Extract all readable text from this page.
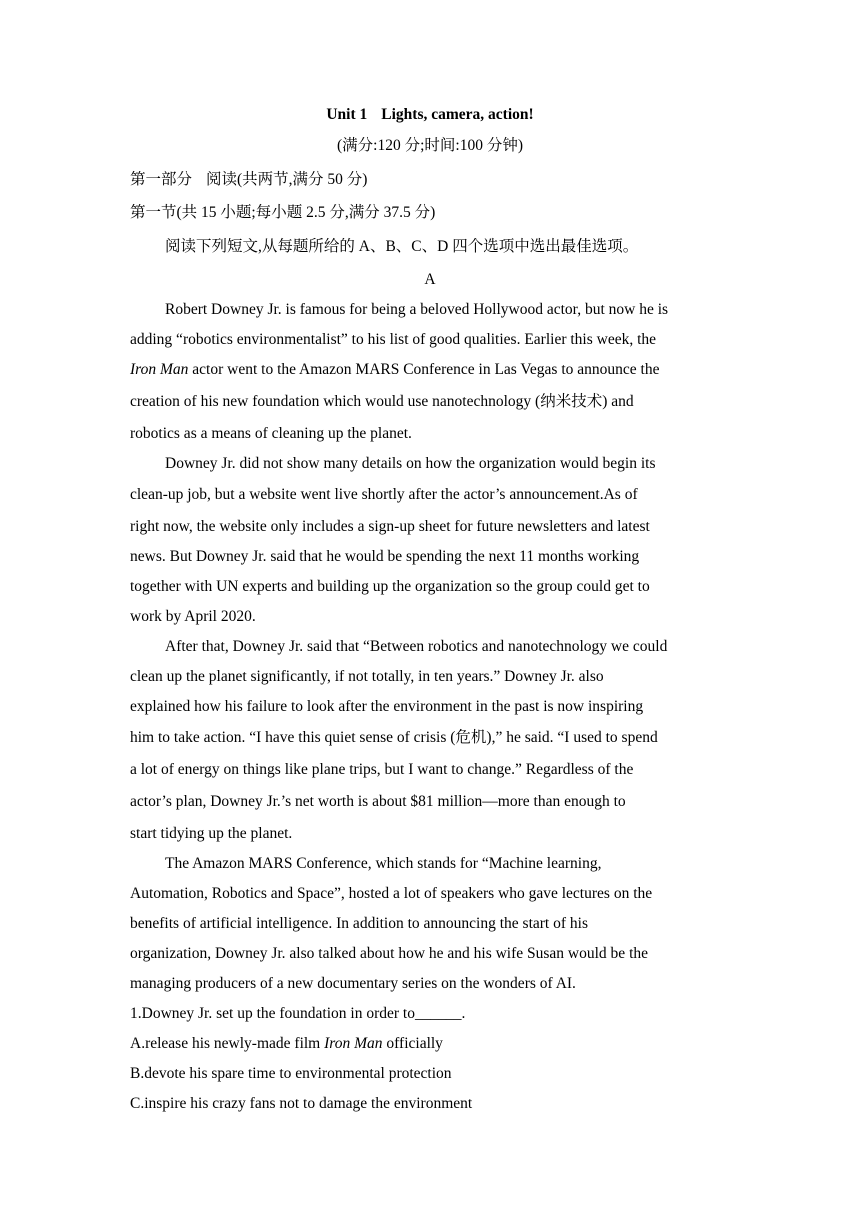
Unit 1 Lights, camera, action!
(满分:120 分;时间:100 分钟)
第一部分 阅读(共两节,满分 50 分)
第一节(共 15 小题;每小题 2.5 分,满分 37.5 分)
阅读下列短文,从每题所给的 A、B、C、D 四个选项中选出最佳选项。
A
Robert Downey Jr. is famous for being a beloved Hollywood actor, but now he is
adding “robotics environmentalist” to his list of good qualities. Earlier this week, the
Iron Man actor went to the Amazon MARS Conference in Las Vegas to announce the
creation of his new foundation which would use nanotechnology (纳米技术) and
robotics as a means of cleaning up the planet.
Downey Jr. did not show many details on how the organization would begin its
clean-up job, but a website went live shortly after the actor’s announcement.As of
right now, the website only includes a sign-up sheet for future newsletters and latest
news. But Downey Jr. said that he would be spending the next 11 months working
together with UN experts and building up the organization so the group could get to
work by April 2020.
After that, Downey Jr. said that “Between robotics and nanotechnology we could
clean up the planet significantly, if not totally, in ten years.” Downey Jr. also
explained how his failure to look after the environment in the past is now inspiring
him to take action. “I have this quiet sense of crisis (危机),” he said. “I used to spend
a lot of energy on things like plane trips, but I want to change.” Regardless of the
actor’s plan, Downey Jr.’s net worth is about $81 million—more than enough to
start tidying up the planet.
The Amazon MARS Conference, which stands for “Machine learning,
Automation, Robotics and Space”, hosted a lot of speakers who gave lectures on the
benefits of artificial intelligence. In addition to announcing the start of his
organization, Downey Jr. also talked about how he and his wife Susan would be the
managing producers of a new documentary series on the wonders of AI.
1.Downey Jr. set up the foundation in order to______.
A.release his newly-made film Iron Man officially
B.devote his spare time to environmental protection
C.inspire his crazy fans not to damage the environment
